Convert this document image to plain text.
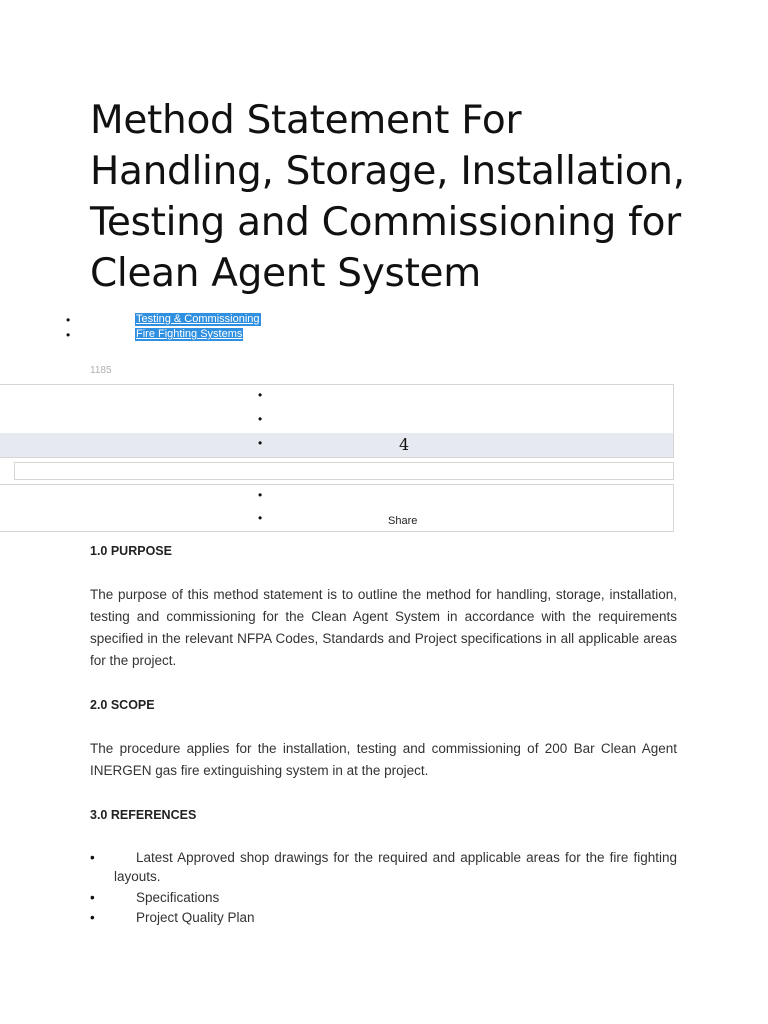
Method Statement For Handling, Storage, Installation, Testing and Commissioning for Clean Agent System
•	Testing & Commissioning
•	Fire Fighting Systems
1185
•
•
•	4
•
•	Share
1.0 PURPOSE

The purpose of this method statement is to outline the method for handling, storage, installation, testing and commissioning for the Clean Agent System in accordance with the requirements specified in the relevant NFPA Codes, Standards and Project specifications in all applicable areas for the project.

2.0 SCOPE

The procedure applies for the installation, testing and commissioning of 200 Bar Clean Agent INERGEN gas fire extinguishing system in at the project.

3.0 REFERENCES
•	Latest Approved shop drawings for the required and applicable areas for the fire fighting layouts.
•	Specifications
•	Project Quality Plan
